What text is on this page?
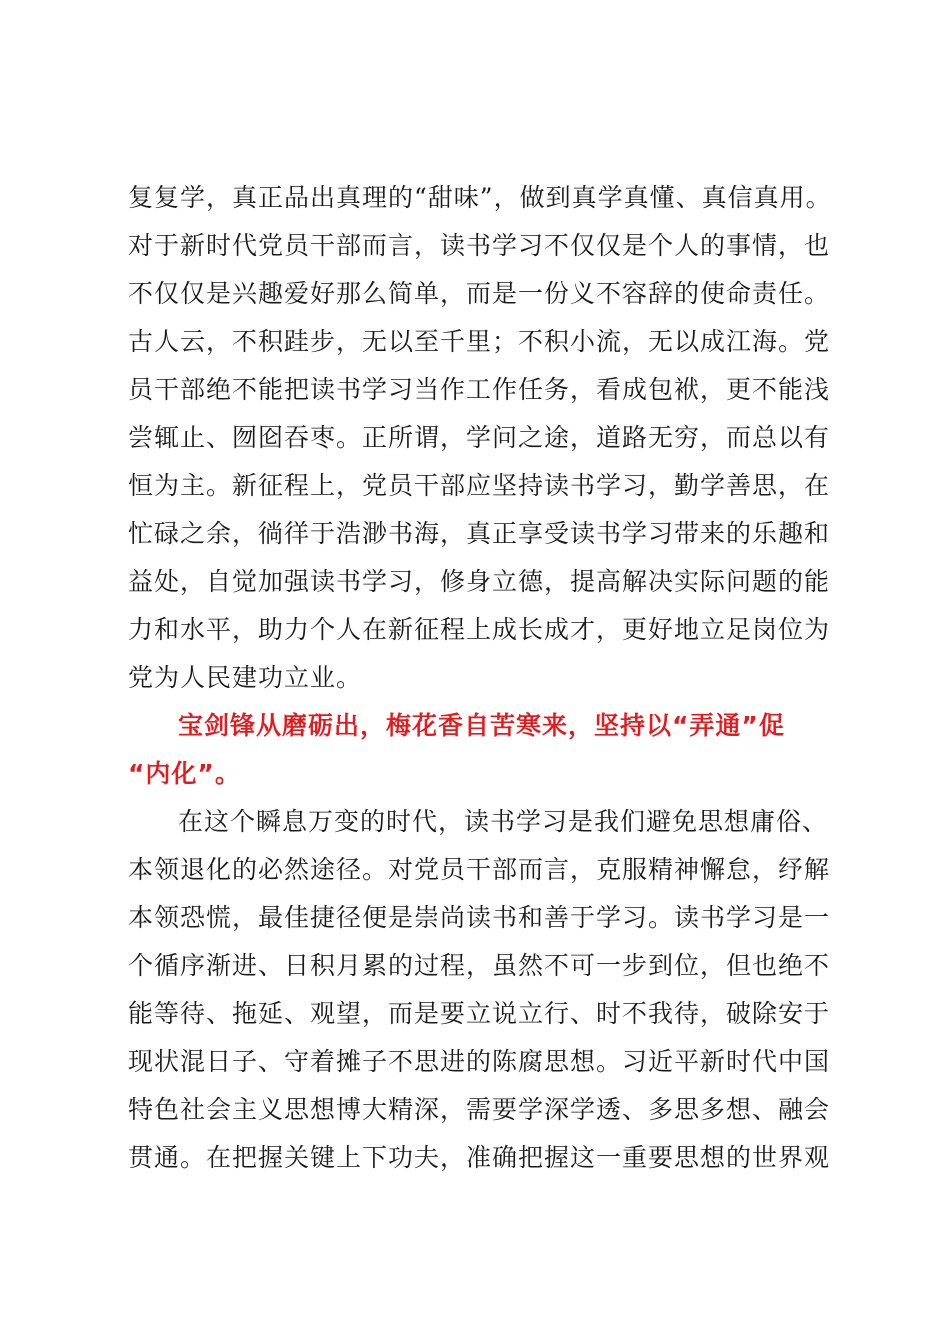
复复学，真正品出真理的“甜味”，做到真学真懂、真信真用。
对于新时代党员干部而言，读书学习不仅仅是个人的事情，也
不仅仅是兴趣爱好那么简单，而是一份义不容辞的使命责任。
古人云，不积跬步，无以至千里；不积小流，无以成江海。党
员干部绝不能把读书学习当作工作任务，看成包袱，更不能浅
尝辄止、囫囵吞枣。正所谓，学问之途，道路无穷，而总以有
恒为主。新征程上，党员干部应坚持读书学习，勤学善思，在
忙碌之余，徜徉于浩渺书海，真正享受读书学习带来的乐趣和
益处，自觉加强读书学习，修身立德，提高解决实际问题的能
力和水平，助力个人在新征程上成长成才，更好地立足岗位为
党为人民建功立业。
宝剑锋从磨砺出，梅花香自苦寒来，坚持以“弄通”促
“内化”。
在这个瞬息万变的时代，读书学习是我们避免思想庸俗、
本领退化的必然途径。对党员干部而言，克服精神懈怠，纾解
本领恐慌，最佳捷径便是崇尚读书和善于学习。读书学习是一
个循序渐进、日积月累的过程，虽然不可一步到位，但也绝不
能等待、拖延、观望，而是要立说立行、时不我待，破除安于
现状混日子、守着摊子不思进的陈腐思想。习近平新时代中国
特色社会主义思想博大精深，需要学深学透、多思多想、融会
贯通。在把握关键上下功夫，准确把握这一重要思想的世界观
